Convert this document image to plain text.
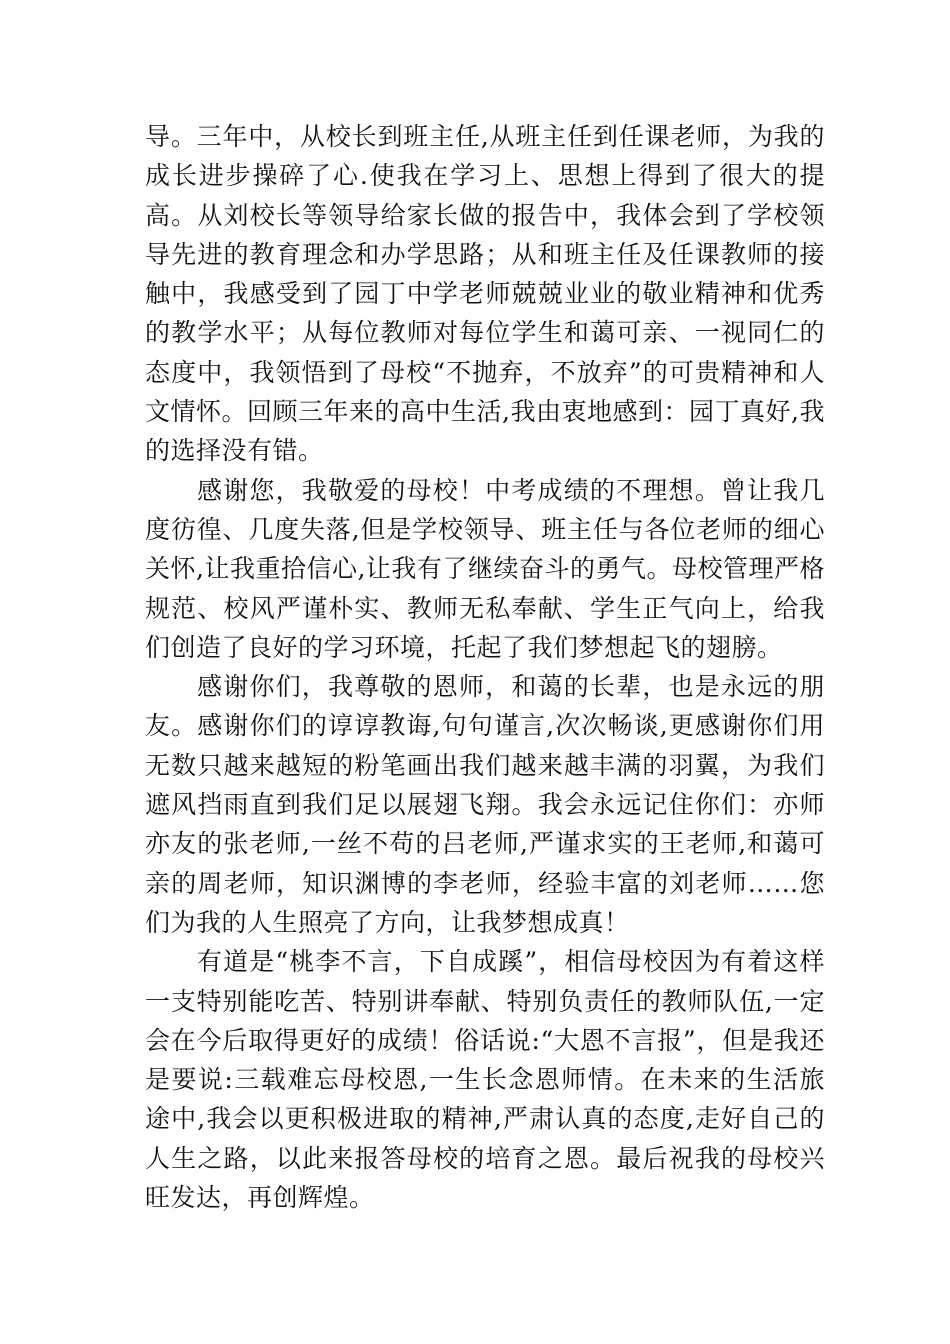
导。三年中，从校长到班主任,从班主任到任课老师，为我的成长进步操碎了心.使我在学习上、思想上得到了很大的提高。从刘校长等领导给家长做的报告中，我体会到了学校领导先进的教育理念和办学思路；从和班主任及任课教师的接触中，我感受到了园丁中学老师兢兢业业的敬业精神和优秀的教学水平；从每位教师对每位学生和蔼可亲、一视同仁的态度中，我领悟到了母校“不抛弃，不放弃”的可贵精神和人文情怀。回顾三年来的高中生活,我由衷地感到：园丁真好,我的选择没有错。

感谢您，我敬爱的母校！中考成绩的不理想。曾让我几度彷徨、几度失落,但是学校领导、班主任与各位老师的细心关怀,让我重拾信心,让我有了继续奋斗的勇气。母校管理严格规范、校风严谨朴实、教师无私奉献、学生正气向上，给我们创造了良好的学习环境，托起了我们梦想起飞的翅膀。

感谢你们，我尊敬的恩师，和蔼的长辈，也是永远的朋友。感谢你们的谆谆教诲,句句谨言,次次畅谈,更感谢你们用无数只越来越短的粉笔画出我们越来越丰满的羽翼，为我们遮风挡雨直到我们足以展翅飞翔。我会永远记住你们：亦师亦友的张老师,一丝不苟的吕老师,严谨求实的王老师,和蔼可亲的周老师，知识渊博的李老师，经验丰富的刘老师……您们为我的人生照亮了方向，让我梦想成真！

有道是“桃李不言，下自成蹊”，相信母校因为有着这样一支特别能吃苦、特别讲奉献、特别负责任的教师队伍,一定会在今后取得更好的成绩！俗话说:“大恩不言报”，但是我还是要说:三载难忘母校恩,一生长念恩师情。在未来的生活旅途中,我会以更积极进取的精神,严肃认真的态度,走好自己的人生之路，以此来报答母校的培育之恩。最后祝我的母校兴旺发达，再创辉煌。
